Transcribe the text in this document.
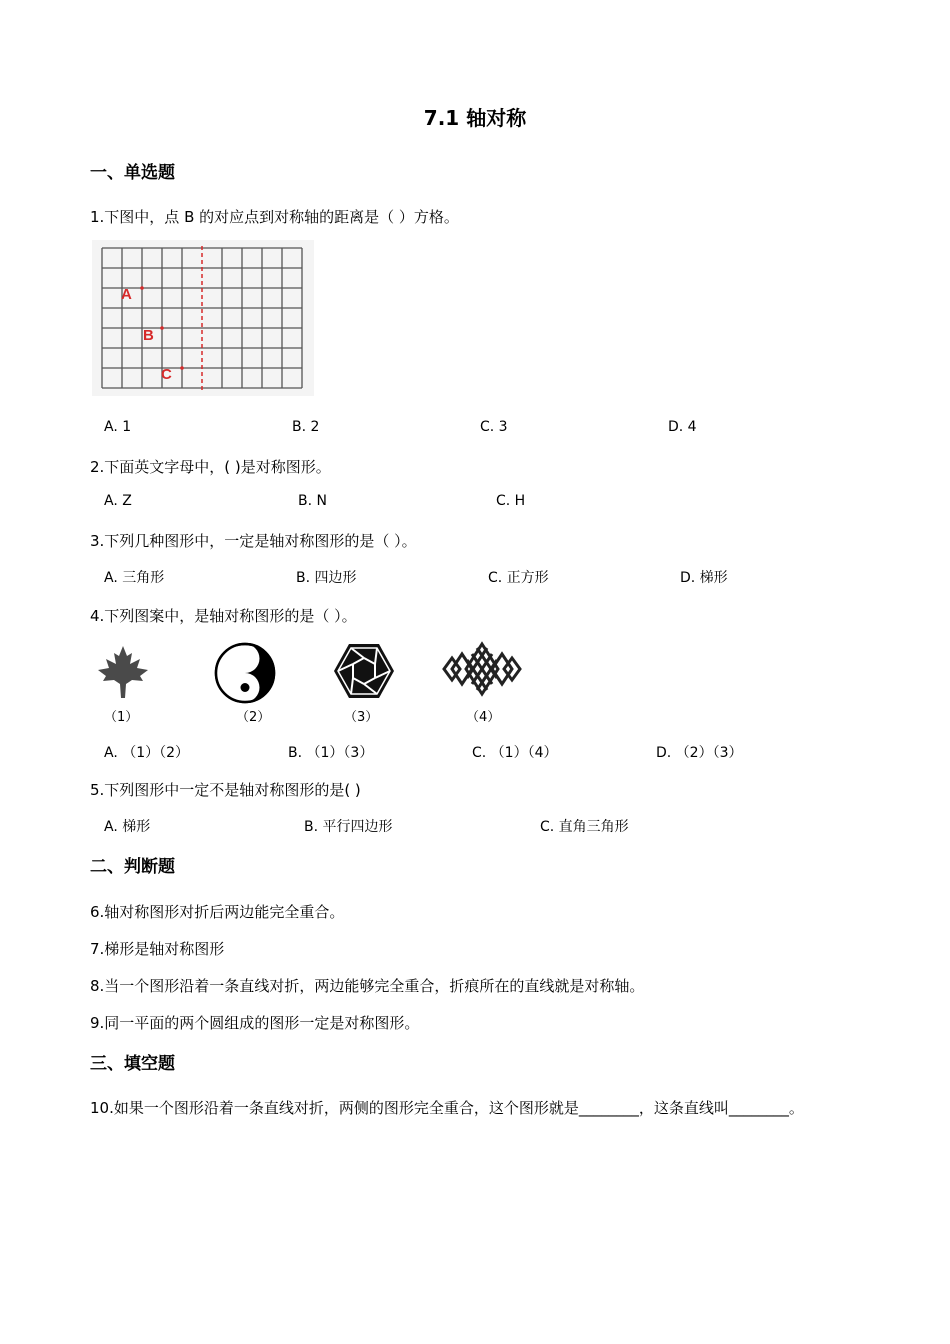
7.1 轴对称
一、单选题
1.下图中，点 B 的对应点到对称轴的距离是（ ）方格。
A
B
C
A. 1	B. 2	C. 3	D. 4
2.下面英文字母中，( )是对称图形。
A. Z	B. N	C. H
3.下列几种图形中，一定是轴对称图形的是（ ）。
A. 三角形	B. 四边形	C. 正方形	D. 梯形
4.下列图案中，是轴对称图形的是（ ）。
（1）	（2）	（3）	（4）
A. （1）（2）	B. （1）（3）	C. （1）（4）	D. （2）（3）
5.下列图形中一定不是轴对称图形的是( )
A. 梯形	B. 平行四边形	C. 直角三角形
二、判断题
6.轴对称图形对折后两边能完全重合。
7.梯形是轴对称图形
8.当一个图形沿着一条直线对折，两边能够完全重合，折痕所在的直线就是对称轴。
9.同一平面的两个圆组成的图形一定是对称图形。
三、填空题
10.如果一个图形沿着一条直线对折，两侧的图形完全重合，这个图形就是________，这条直线叫________。
